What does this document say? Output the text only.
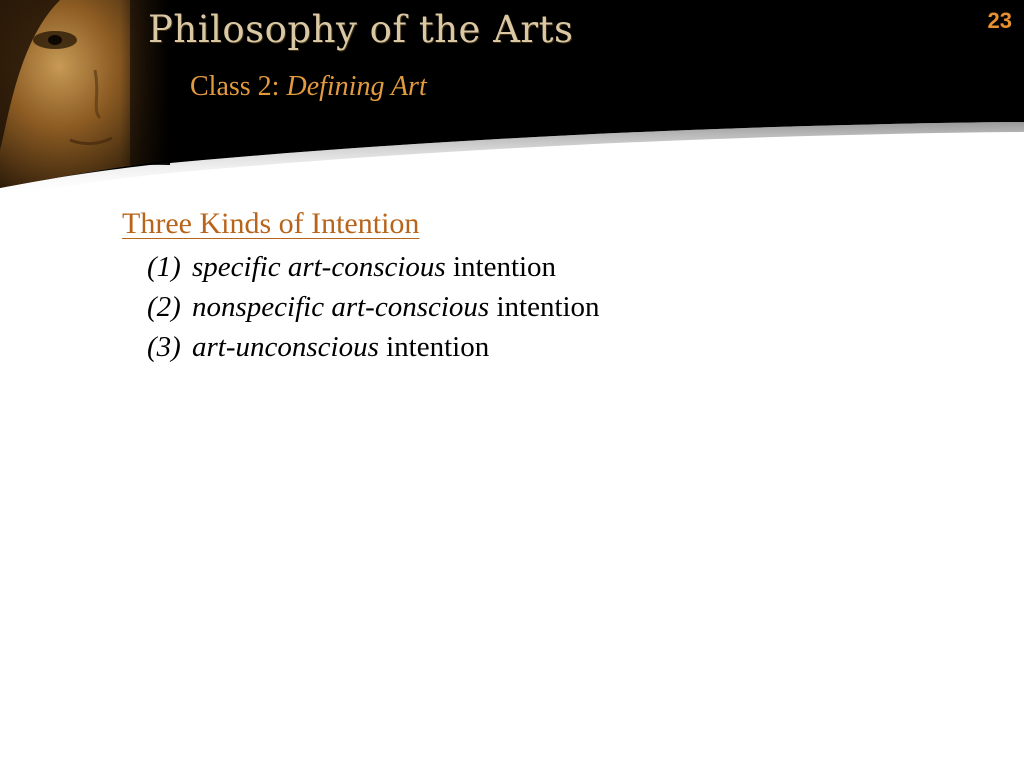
Philosophy of the Arts
Class 2: Defining Art
23
Three Kinds of Intention
(1) specific art-conscious intention
(2) nonspecific art-conscious intention
(3) art-unconscious intention
